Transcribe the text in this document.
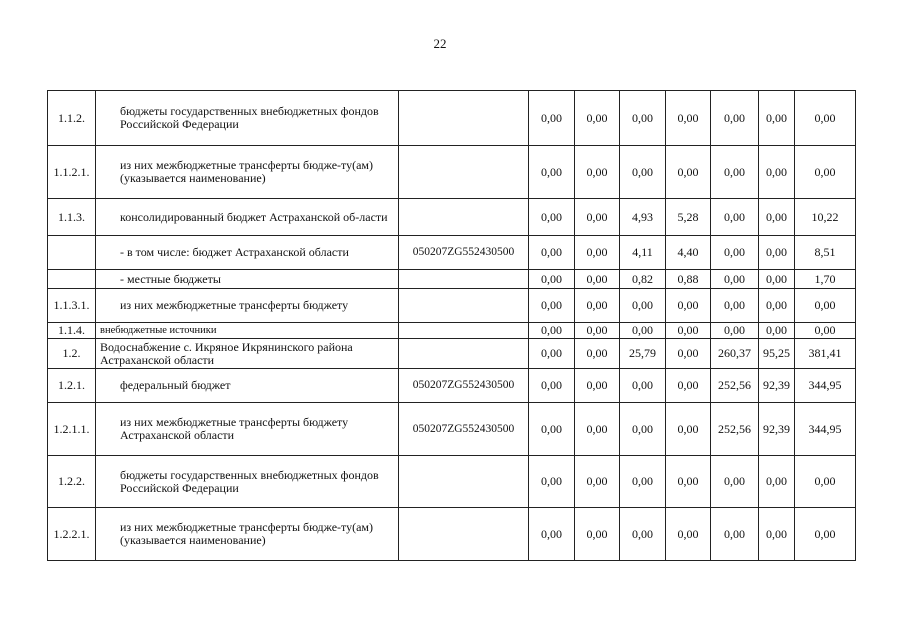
22
1.1.2.	бюджеты государственных внебюджетных фондов Российской Федерации		0,00	0,00	0,00	0,00	0,00	0,00	0,00
1.1.2.1.	из них межбюджетные трансферты бюдже-ту(ам) (указывается наименование)		0,00	0,00	0,00	0,00	0,00	0,00	0,00
1.1.3.	консолидированный бюджет Астраханской об-ласти		0,00	0,00	4,93	5,28	0,00	0,00	10,22
	- в том числе: бюджет Астраханской области	050207ZG552430500	0,00	0,00	4,11	4,40	0,00	0,00	8,51
	- местные бюджеты		0,00	0,00	0,82	0,88	0,00	0,00	1,70
1.1.3.1.	из них межбюджетные трансферты бюджету		0,00	0,00	0,00	0,00	0,00	0,00	0,00
1.1.4.	внебюджетные источники		0,00	0,00	0,00	0,00	0,00	0,00	0,00
1.2.	Водоснабжение с. Икряное Икрянинского района Астраханской области		0,00	0,00	25,79	0,00	260,37	95,25	381,41
1.2.1.	федеральный бюджет	050207ZG552430500	0,00	0,00	0,00	0,00	252,56	92,39	344,95
1.2.1.1.	из них межбюджетные трансферты бюджету Астраханской области	050207ZG552430500	0,00	0,00	0,00	0,00	252,56	92,39	344,95
1.2.2.	бюджеты государственных внебюджетных фондов Российской Федерации		0,00	0,00	0,00	0,00	0,00	0,00	0,00
1.2.2.1.	из них межбюджетные трансферты бюдже-ту(ам) (указывается наименование)		0,00	0,00	0,00	0,00	0,00	0,00	0,00
